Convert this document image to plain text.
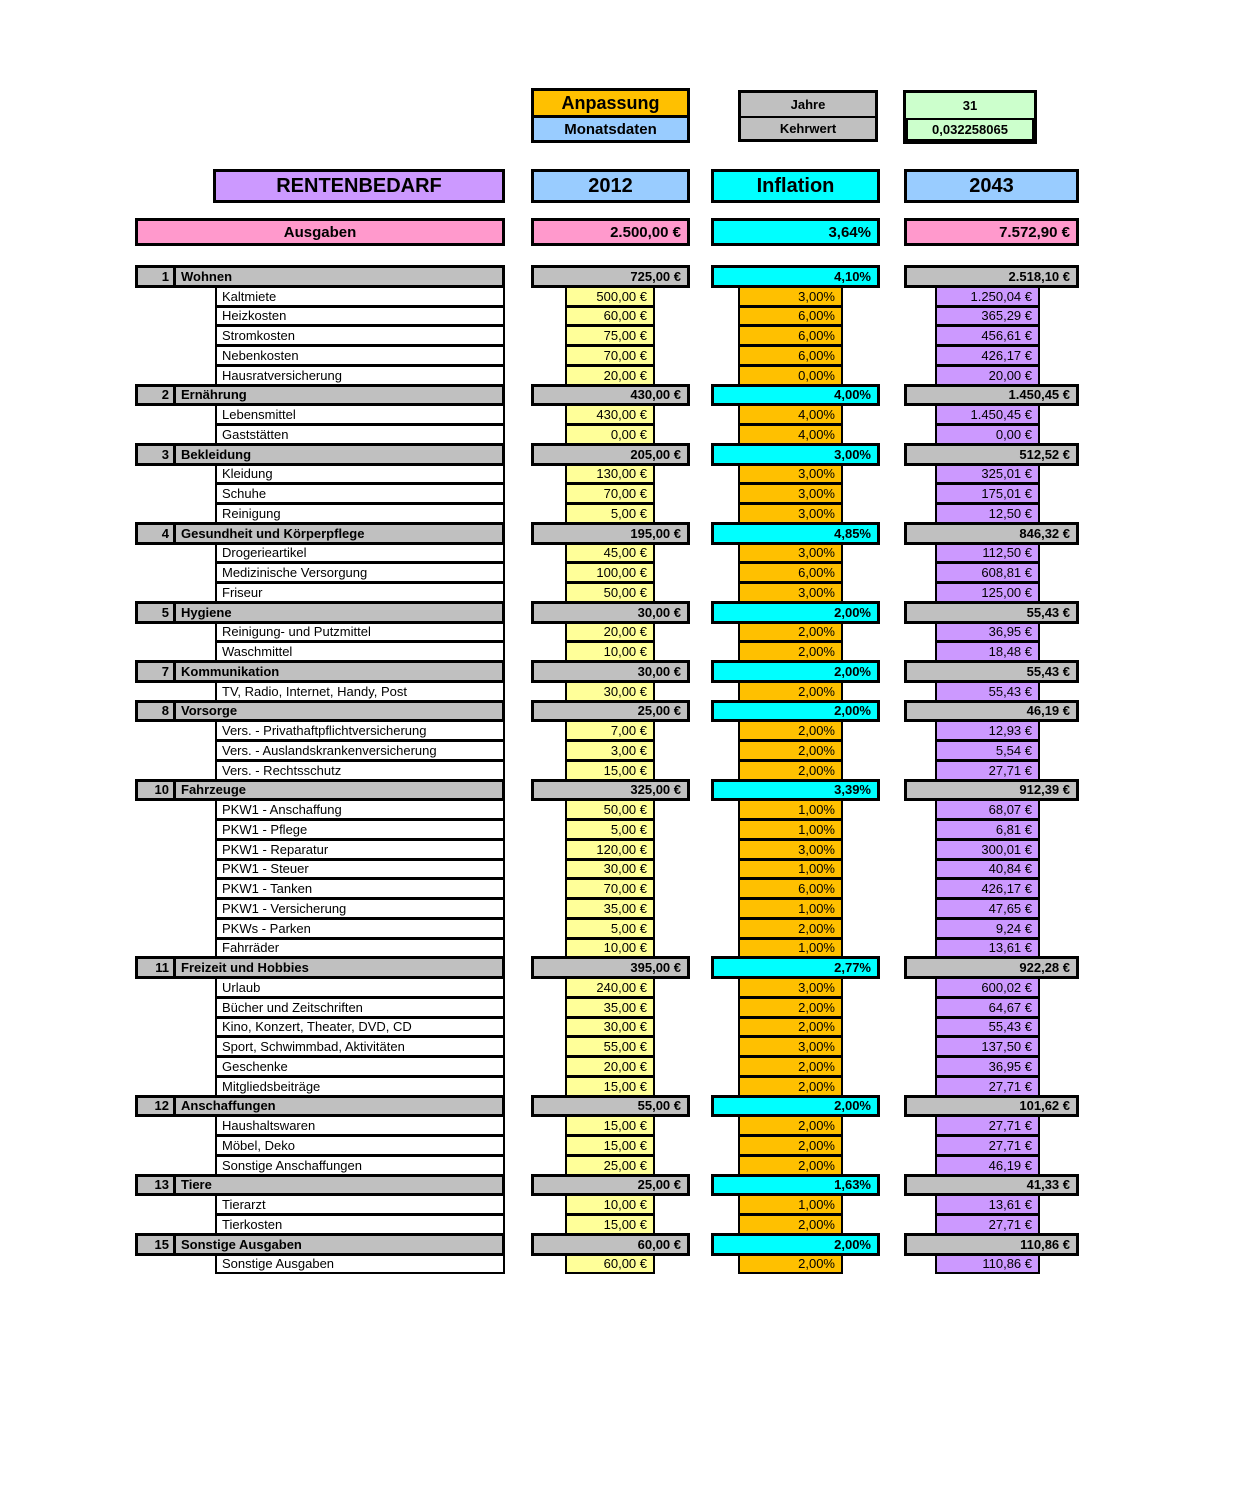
Anpassung
Monatsdaten
Jahre
Kehrwert
31
0,032258065
RENTENBEDARF	2012	Inflation	2043
Ausgaben	2.500,00 €	3,64%	7.572,90 €
1 Wohnen	725,00 €	4,10%	2.518,10 €
Kaltmiete	500,00 €	3,00%	1.250,04 €
Heizkosten	60,00 €	6,00%	365,29 €
Stromkosten	75,00 €	6,00%	456,61 €
Nebenkosten	70,00 €	6,00%	426,17 €
Hausratversicherung	20,00 €	0,00%	20,00 €
2 Ernährung	430,00 €	4,00%	1.450,45 €
Lebensmittel	430,00 €	4,00%	1.450,45 €
Gaststätten	0,00 €	4,00%	0,00 €
3 Bekleidung	205,00 €	3,00%	512,52 €
Kleidung	130,00 €	3,00%	325,01 €
Schuhe	70,00 €	3,00%	175,01 €
Reinigung	5,00 €	3,00%	12,50 €
4 Gesundheit und Körperpflege	195,00 €	4,85%	846,32 €
Drogerieartikel	45,00 €	3,00%	112,50 €
Medizinische Versorgung	100,00 €	6,00%	608,81 €
Friseur	50,00 €	3,00%	125,00 €
5 Hygiene	30,00 €	2,00%	55,43 €
Reinigung- und Putzmittel	20,00 €	2,00%	36,95 €
Waschmittel	10,00 €	2,00%	18,48 €
7 Kommunikation	30,00 €	2,00%	55,43 €
TV, Radio, Internet, Handy, Post	30,00 €	2,00%	55,43 €
8 Vorsorge	25,00 €	2,00%	46,19 €
Vers. - Privathaftpflichtversicherung	7,00 €	2,00%	12,93 €
Vers. - Auslandskrankenversicherung	3,00 €	2,00%	5,54 €
Vers. - Rechtsschutz	15,00 €	2,00%	27,71 €
10 Fahrzeuge	325,00 €	3,39%	912,39 €
PKW1 - Anschaffung	50,00 €	1,00%	68,07 €
PKW1 - Pflege	5,00 €	1,00%	6,81 €
PKW1 - Reparatur	120,00 €	3,00%	300,01 €
PKW1 - Steuer	30,00 €	1,00%	40,84 €
PKW1 - Tanken	70,00 €	6,00%	426,17 €
PKW1 - Versicherung	35,00 €	1,00%	47,65 €
PKWs - Parken	5,00 €	2,00%	9,24 €
Fahrräder	10,00 €	1,00%	13,61 €
11 Freizeit und Hobbies	395,00 €	2,77%	922,28 €
Urlaub	240,00 €	3,00%	600,02 €
Bücher und Zeitschriften	35,00 €	2,00%	64,67 €
Kino, Konzert, Theater, DVD, CD	30,00 €	2,00%	55,43 €
Sport, Schwimmbad, Aktivitäten	55,00 €	3,00%	137,50 €
Geschenke	20,00 €	2,00%	36,95 €
Mitgliedsbeiträge	15,00 €	2,00%	27,71 €
12 Anschaffungen	55,00 €	2,00%	101,62 €
Haushaltswaren	15,00 €	2,00%	27,71 €
Möbel, Deko	15,00 €	2,00%	27,71 €
Sonstige Anschaffungen	25,00 €	2,00%	46,19 €
13 Tiere	25,00 €	1,63%	41,33 €
Tierarzt	10,00 €	1,00%	13,61 €
Tierkosten	15,00 €	2,00%	27,71 €
15 Sonstige Ausgaben	60,00 €	2,00%	110,86 €
Sonstige Ausgaben	60,00 €	2,00%	110,86 €
